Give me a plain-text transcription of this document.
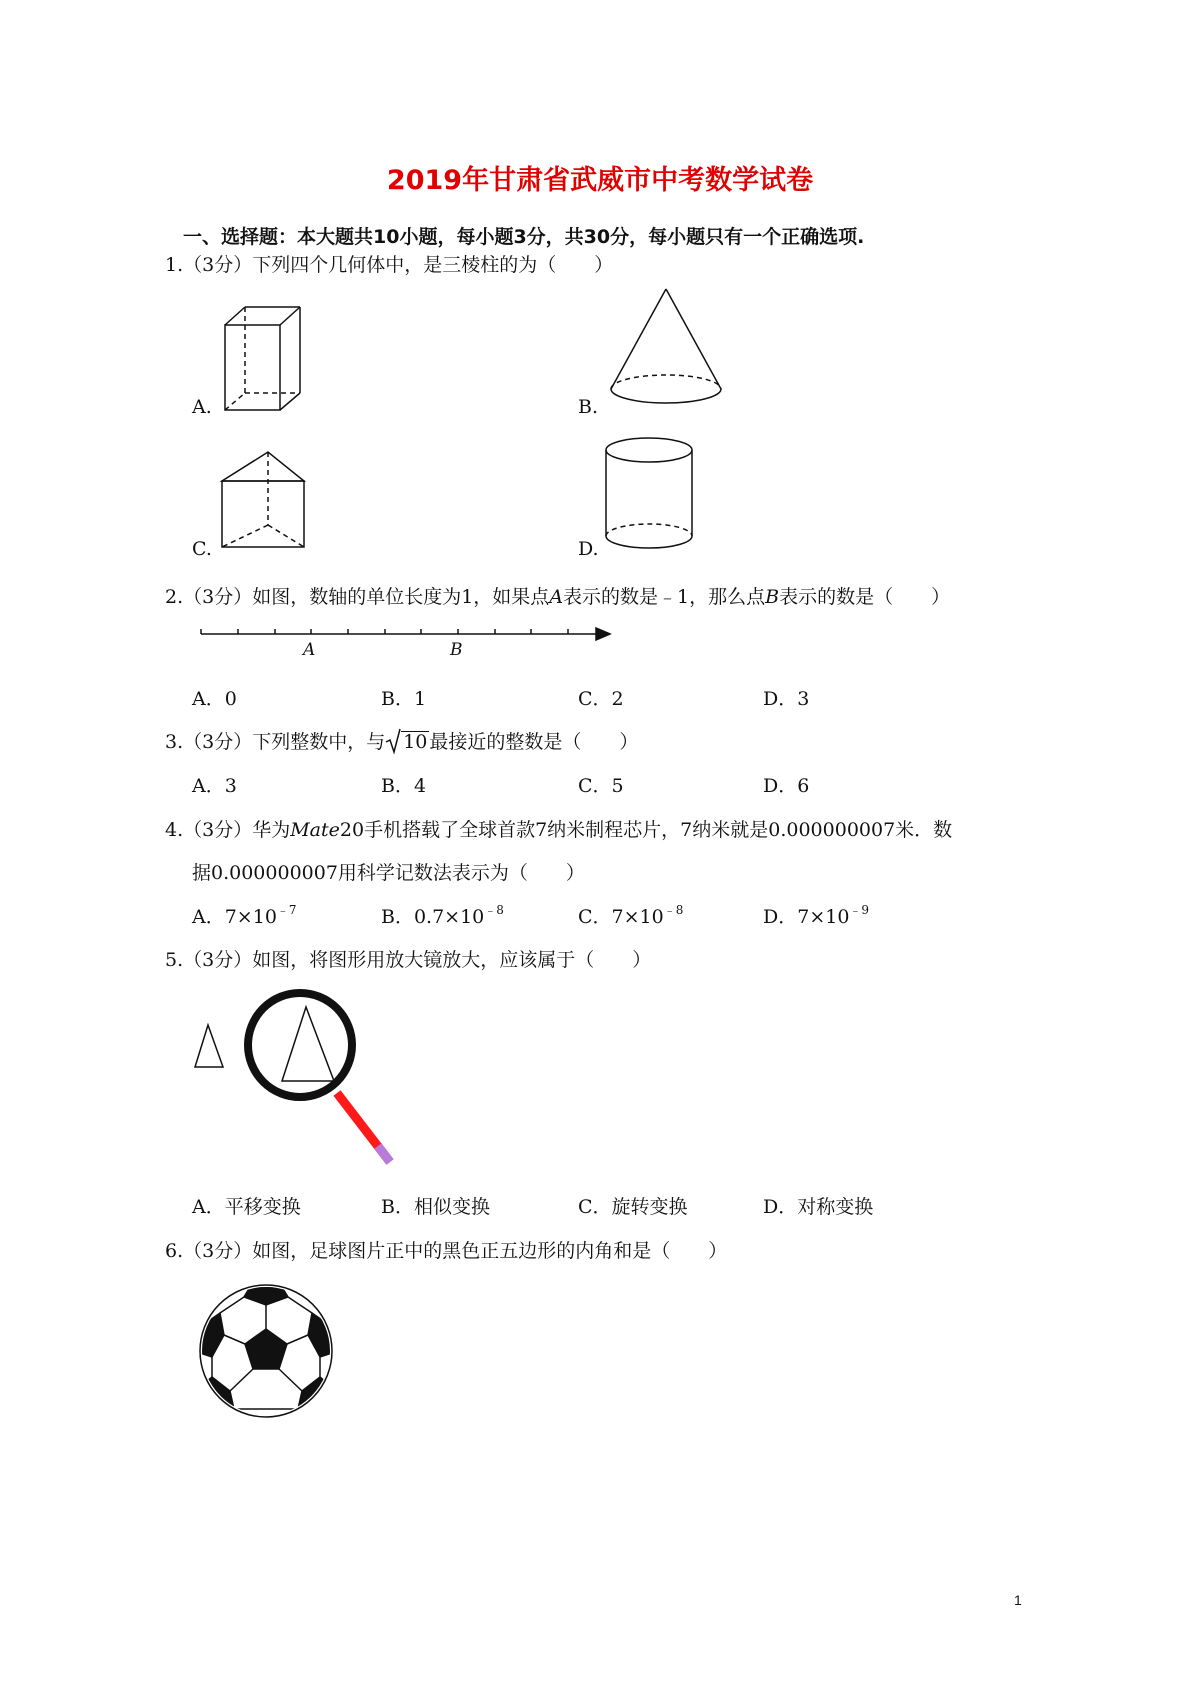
2019年甘肃省武威市中考数学试卷
一、选择题：本大题共10小题，每小题3分，共30分，每小题只有一个正确选项.
1.（3分）下列四个几何体中，是三棱柱的为（　　）
A.	B.
C.	D.
2.（3分）如图，数轴的单位长度为1，如果点A表示的数是﹣1，那么点B表示的数是（　　）
A	B
A．0	B．1	C．2	D．3
3.（3分）下列整数中，与 10 最接近的整数是（　　）
A．3	B．4	C．5	D．6
4.（3分）华为Mate20手机搭载了全球首款7纳米制程芯片，7纳米就是0.000000007米．数
据0.000000007用科学记数法表示为（　　）
A．$7\times 10^{﹣7}$	B．$0.7\times 10^{﹣8}$	C．$7\times 10^{﹣8}$	D．$7\times 10^{﹣9}$
5.（3分）如图，将图形用放大镜放大，应该属于（　　）
A．平移变换	B．相似变换	C．旋转变换	D．对称变换
6.（3分）如图，足球图片正中的黑色正五边形的内角和是（　　）
1
